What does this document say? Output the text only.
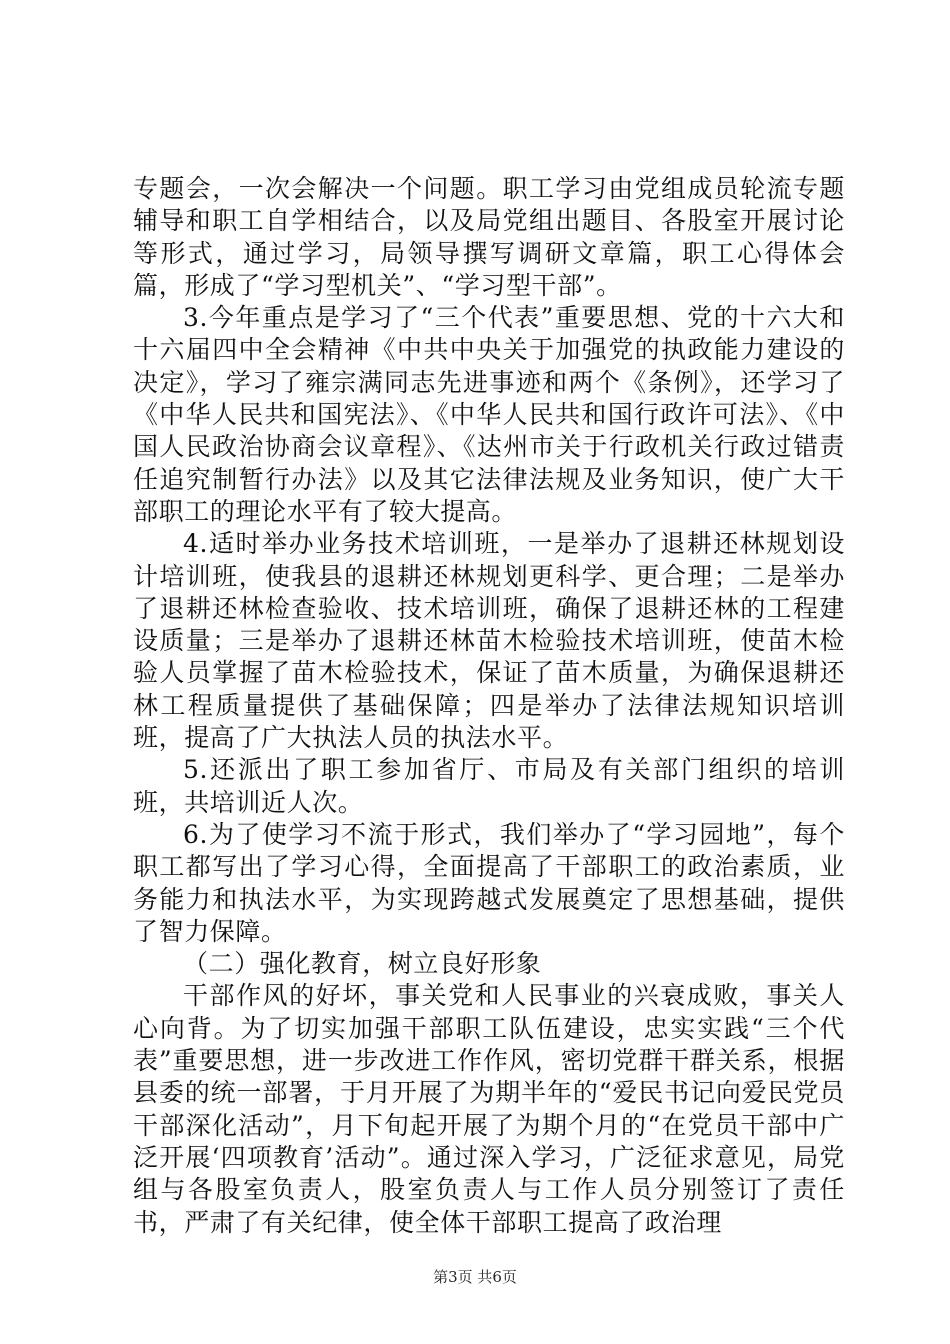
专题会，一次会解决一个问题。职工学习由党组成员轮流专题辅导和职工自学相结合，以及局党组出题目、各股室开展讨论等形式，通过学习，局领导撰写调研文章篇，职工心得体会篇，形成了“学习型机关”、“学习型干部”。

3.今年重点是学习了“三个代表”重要思想、党的十六大和十六届四中全会精神《中共中央关于加强党的执政能力建设的决定》，学习了雍宗满同志先进事迹和两个《条例》，还学习了《中华人民共和国宪法》、《中华人民共和国行政许可法》、《中国人民政治协商会议章程》、《达州市关于行政机关行政过错责任追究制暂行办法》以及其它法律法规及业务知识，使广大干部职工的理论水平有了较大提高。

4.适时举办业务技术培训班，一是举办了退耕还林规划设计培训班，使我县的退耕还林规划更科学、更合理；二是举办了退耕还林检查验收、技术培训班，确保了退耕还林的工程建设质量；三是举办了退耕还林苗木检验技术培训班，使苗木检验人员掌握了苗木检验技术，保证了苗木质量，为确保退耕还林工程质量提供了基础保障；四是举办了法律法规知识培训班，提高了广大执法人员的执法水平。

5.还派出了职工参加省厅、市局及有关部门组织的培训班，共培训近人次。

6.为了使学习不流于形式，我们举办了“学习园地”，每个职工都写出了学习心得，全面提高了干部职工的政治素质，业务能力和执法水平，为实现跨越式发展奠定了思想基础，提供了智力保障。

（二）强化教育，树立良好形象

干部作风的好坏，事关党和人民事业的兴衰成败，事关人心向背。为了切实加强干部职工队伍建设，忠实实践“三个代表”重要思想，进一步改进工作作风，密切党群干群关系，根据县委的统一部署，于月开展了为期半年的“爱民书记向爱民党员干部深化活动”，月下旬起开展了为期个月的“在党员干部中广泛开展‘四项教育’活动”。通过深入学习，广泛征求意见，局党组与各股室负责人，股室负责人与工作人员分别签订了责任书，严肃了有关纪律，使全体干部职工提高了政治理

第3页 共6页
